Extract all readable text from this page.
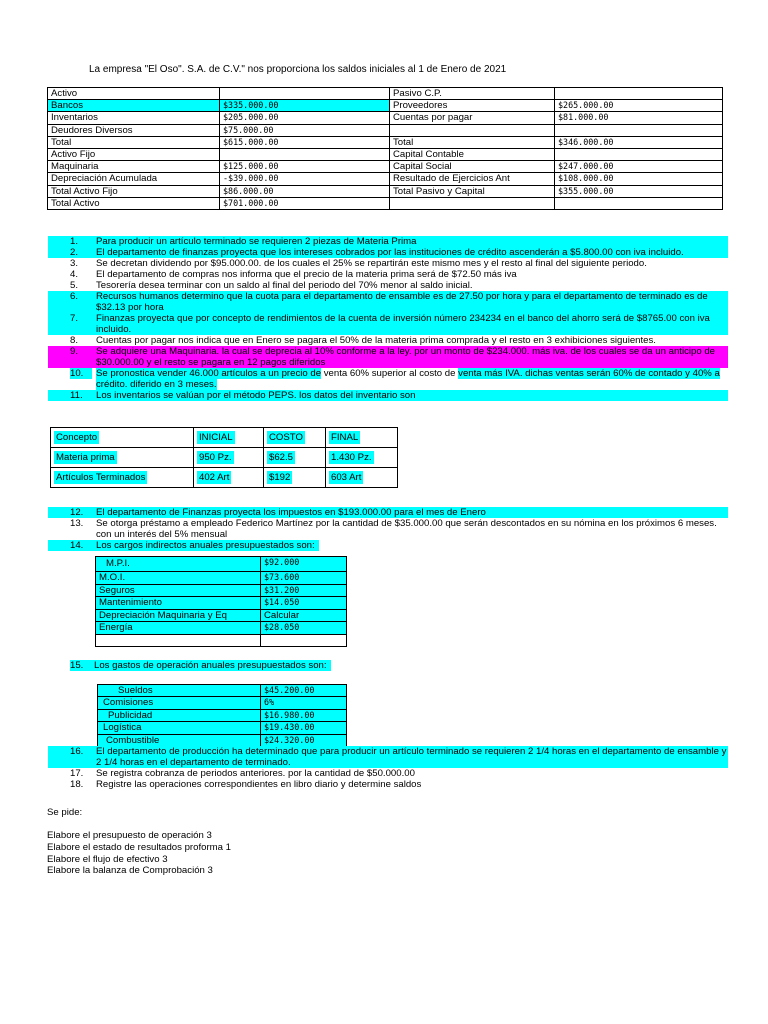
La empresa "El Oso". S.A. de C.V." nos proporciona los saldos iniciales al 1 de Enero de 2021
Activo		Pasivo C.P.	
Bancos	$335.000.00	Proveedores	$265.000.00
Inventarios	$205.000.00	Cuentas por pagar	$81.000.00
Deudores Diversos	$75.000.00		
Total	$615.000.00	Total	$346.000.00
Activo Fijo		Capital Contable	
Maquinaria	$125.000.00	Capital Social	$247.000.00
Depreciación Acumulada	-$39.000.00	Resultado de Ejercicios Ant	$108.000.00
Total Activo Fijo	$86.000.00	Total Pasivo y Capital	$355.000.00
Total Activo	$701.000.00		
1.	Para producir un artículo terminado se requieren 2 piezas de Materia Prima
2.	El departamento de finanzas proyecta que los intereses cobrados por las instituciones de crédito ascenderán a $5.800.00 con iva incluido.
3.	Se decretan dividendo por $95.000.00. de los cuales el 25% se repartirán este mismo mes y el resto al final del siguiente periodo.
4.	El departamento de compras nos informa que el precio de la materia prima será de $72.50 más iva
5.	Tesorería desea terminar con un saldo al final del periodo del 70% menor al saldo inicial.
6.	Recursos humanos determino que la cuota para el departamento de ensamble es de 27.50 por hora y para el departamento de terminado es de $32.13 por hora
7.	Finanzas proyecta que por concepto de rendimientos de la cuenta de inversión número 234234 en el banco del ahorro será de $8765.00 con iva incluido.
8.	Cuentas por pagar nos indica que en Enero se pagara el 50% de la materia prima comprada y el resto en 3 exhibiciones siguientes.
9.	Se adquiere una Maquinaria. la cual se deprecia al 10% conforme a la ley. por un monto de $234.000. más iva. de los cuales se da un anticipo de $30.000.00 y el resto se pagara en 12 pagos diferidos
10.	Se pronostica vender 46.000 artículos a un precio de venta 60% superior al costo de venta más IVA. dichas ventas serán 60% de contado y 40% a crédito. diferido en 3 meses.
11.	Los inventarios se valúan por el método PEPS. los datos del inventario son
Concepto	INICIAL	COSTO	FINAL
Materia prima	950 Pz.	$62.5	1.430 Pz.
Artículos Terminados	402 Art	$192	603 Art
12.	El departamento de Finanzas proyecta los impuestos en $193.000.00 para el mes de Enero
13.	Se otorga préstamo a empleado Federico Martínez por la cantidad de $35.000.00 que serán descontados en su nómina en los próximos 6 meses. con un interés del 5% mensual
14.	Los cargos indirectos anuales presupuestados son:
M.P.I.	$92.000
M.O.I.	$73.600
Seguros	$31.200
Mantenimiento	$14.050
Depreciación Maquinaria y Eq	Calcular
Energía	$28.050

15. Los gastos de operación anuales presupuestados son:
Sueldos	$45.200.00
Comisiones	6%
Publicidad	$16.980.00
Logística	$19.430.00
Combustible	$24.320.00
16.	El departamento de producción ha determinado que para producir un artículo terminado se requieren 2 1/4 horas en el departamento de ensamble y 2 1/4 horas en el departamento de terminado.
17.	Se registra cobranza de periodos anteriores. por la cantidad de $50.000.00
18.	Registre las operaciones correspondientes en libro diario y determine saldos
Se pide:
Elabore el presupuesto de operación 3
Elabore el estado de resultados proforma 1
Elabore el flujo de efectivo 3
Elabore la balanza de Comprobación 3
